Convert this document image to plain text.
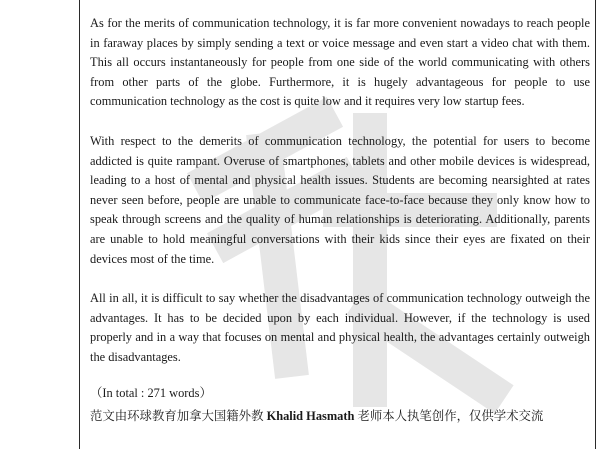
As for the merits of communication technology, it is far more convenient nowadays to reach people in faraway places by simply sending a text or voice message and even start a video chat with them. This all occurs instantaneously for people from one side of the world communicating with others from other parts of the globe. Furthermore, it is hugely advantageous for people to use communication technology as the cost is quite low and it requires very low startup fees.

With respect to the demerits of communication technology, the potential for users to become addicted is quite rampant. Overuse of smartphones, tablets and other mobile devices is widespread, leading to a host of mental and physical health issues. Students are becoming nearsighted at rates never seen before, people are unable to communicate face-to-face because they only know how to speak through screens and the quality of human relationships is deteriorating. Additionally, parents are unable to hold meaningful conversations with their kids since their eyes are fixated on their devices most of the time.

All in all, it is difficult to say whether the disadvantages of communication technology outweigh the advantages. It has to be decided upon by each individual. However, if the technology is used properly and in a way that focuses on mental and physical health, the advantages certainly outweigh the disadvantages.

（In total : 271 words）

范文由环球教育加拿大国籍外教 Khalid Hasmath 老师本人执笔创作，仅供学术交流
